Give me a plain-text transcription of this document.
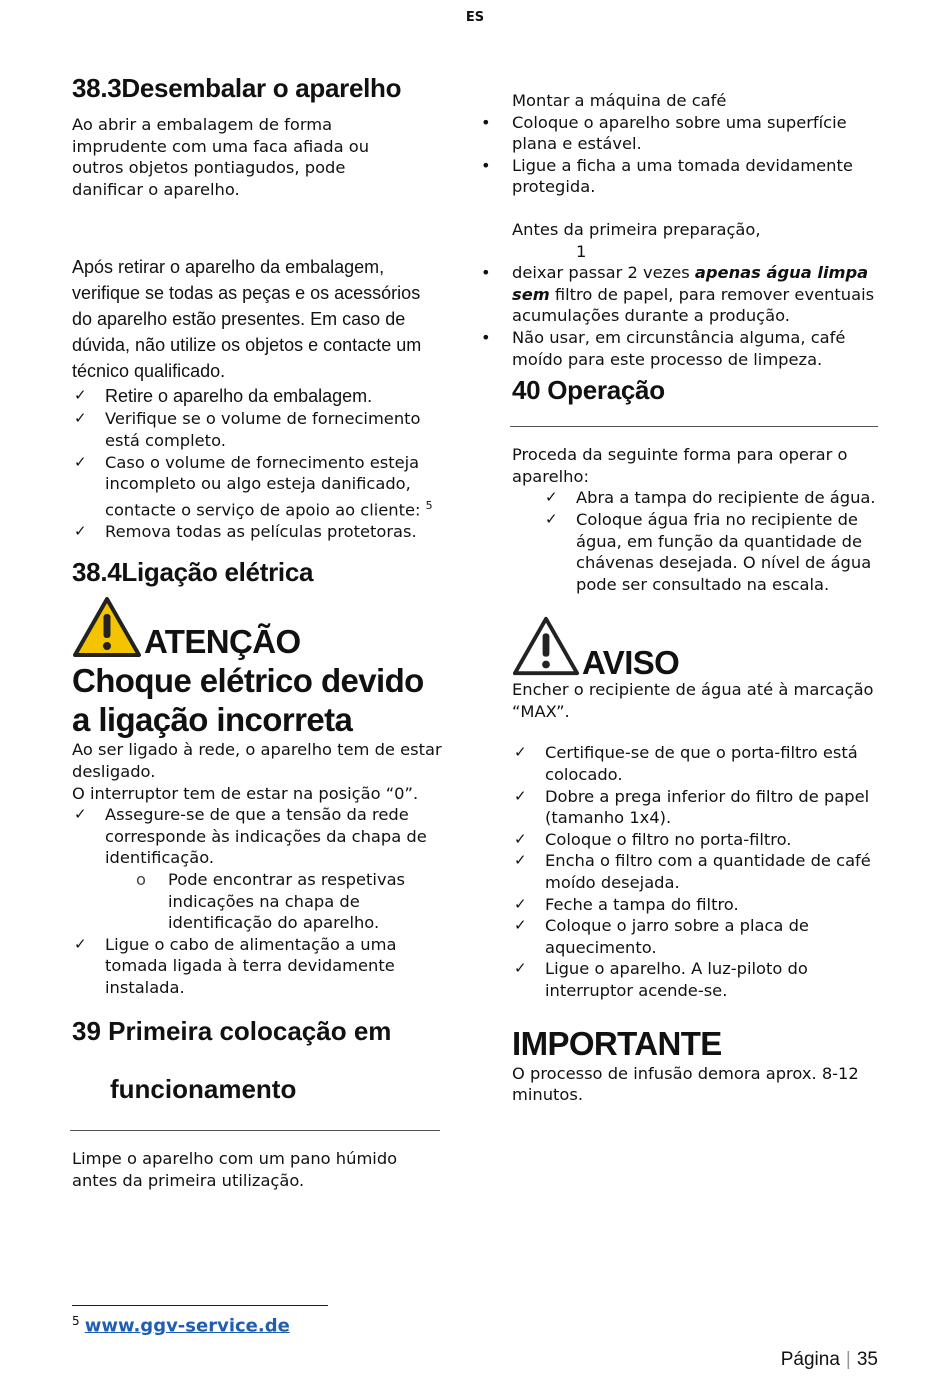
ES
38.3Desembalar o aparelho

Ao abrir a embalagem de forma imprudente com uma faca afiada ou outros objetos pontiagudos, pode danificar o aparelho.

Após retirar o aparelho da embalagem, verifique se todas as peças e os acessórios do aparelho estão presentes. Em caso de dúvida, não utilize os objetos e contacte um técnico qualificado.

✓ Retire o aparelho da embalagem.
✓ Verifique se o volume de fornecimento está completo.
✓ Caso o volume de fornecimento esteja incompleto ou algo esteja danificado, contacte o serviço de apoio ao cliente: $^5$
✓ Remova todas as películas protetoras.
38.4Ligação elétrica
ATENÇÃO
Choque elétrico devido a ligação incorreta

Ao ser ligado à rede, o aparelho tem de estar desligado.

O interruptor tem de estar na posição “0”.

✓ Assegure-se de que a tensão da rede corresponde às indicações da chapa de identificação.
o Pode encontrar as respetivas indicações na chapa de identificação do aparelho.
✓ Ligue o cabo de alimentação a uma tomada ligada à terra devidamente instalada.
39 Primeira colocação em
funcionamento

Limpe o aparelho com um pano húmido antes da primeira utilização.

Montar a máquina de café

• Coloque o aparelho sobre uma superfície plana e estável.
• Ligue a ficha a uma tomada devidamente protegida.

Antes da primeira preparação,

1

• deixar passar 2 vezes apenas água limpa sem filtro de papel, para remover eventuais acumulações durante a produção.
• Não usar, em circunstância alguma, café moído para este processo de limpeza.
40 Operação

Proceda da seguinte forma para operar o aparelho:

✓ Abra a tampa do recipiente de água.
✓ Coloque água fria no recipiente de água, em função da quantidade de chávenas desejada. O nível de água pode ser consultado na escala.
AVISO

Encher o recipiente de água até à marcação “MAX”.

✓ Certifique-se de que o porta-filtro está colocado.
✓ Dobre a prega inferior do filtro de papel (tamanho 1x4).
✓ Coloque o filtro no porta-filtro.
✓ Encha o filtro com a quantidade de café moído desejada.
✓ Feche a tampa do filtro.
✓ Coloque o jarro sobre a placa de aquecimento.
✓ Ligue o aparelho. A luz-piloto do interruptor acende-se.
IMPORTANTE

O processo de infusão demora aprox. 8-12 minutos.

$^5$ www.ggv-service.de
Página | 35
